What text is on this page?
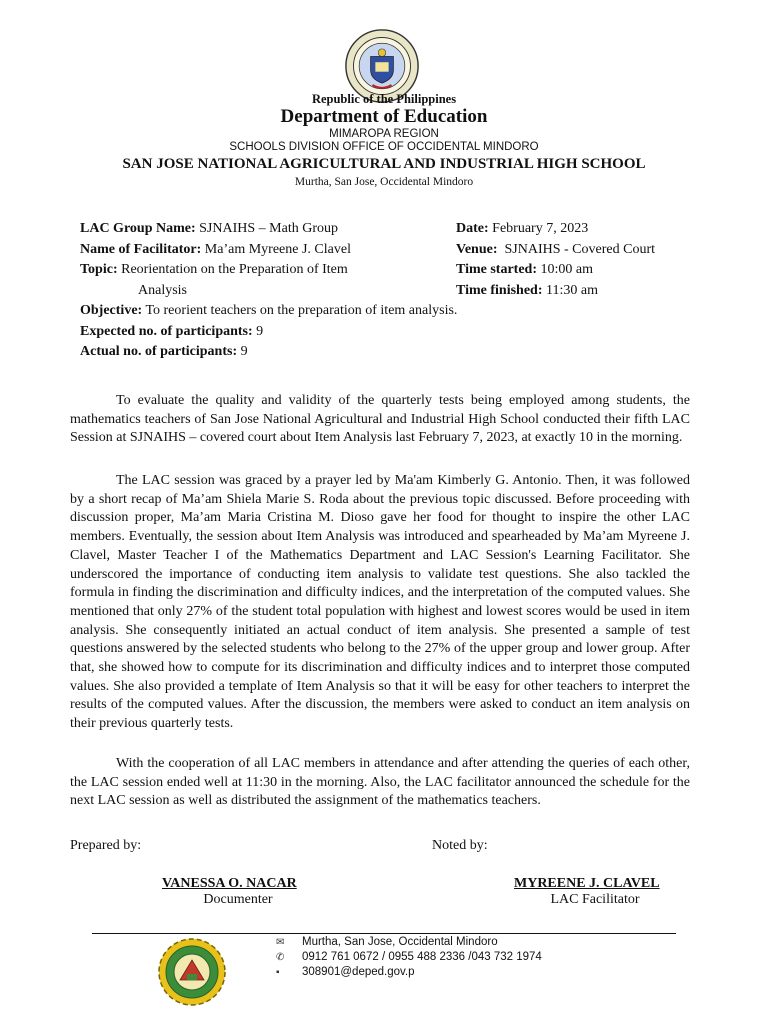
Republic of the Philippines
Department of Education
MIMAROPA REGION
SCHOOLS DIVISION OFFICE OF OCCIDENTAL MINDORO
SAN JOSE NATIONAL AGRICULTURAL AND INDUSTRIAL HIGH SCHOOL
Murtha, San Jose, Occidental Mindoro
LAC Group Name: SJNAIHS – Math Group
Name of Facilitator: Ma’am Myreene J. Clavel
Topic: Reorientation on the Preparation of Item
Analysis
Objective: To reorient teachers on the preparation of item analysis.
Expected no. of participants: 9
Actual no. of participants: 9
Date: February 7, 2023
Venue:  SJNAIHS - Covered Court
Time started: 10:00 am
Time finished: 11:30 am

To evaluate the quality and validity of the quarterly tests being employed among students, the mathematics teachers of San Jose National Agricultural and Industrial High School conducted their fifth LAC Session at SJNAIHS – covered court about Item Analysis last February 7, 2023, at exactly 10 in the morning.

The LAC session was graced by a prayer led by Ma'am Kimberly G. Antonio. Then, it was followed by a short recap of Ma’am Shiela Marie S. Roda about the previous topic discussed. Before proceeding with discussion proper, Ma’am Maria Cristina M. Dioso gave her food for thought to inspire the other LAC members. Eventually, the session about Item Analysis was introduced and spearheaded by Ma’am Myreene J. Clavel, Master Teacher I of the Mathematics Department and LAC Session's Learning Facilitator. She underscored the importance of conducting item analysis to validate test questions. She also tackled the formula in finding the discrimination and difficulty indices, and the interpretation of the computed values. She mentioned that only 27% of the student total population with highest and lowest scores would be used in item analysis. She consequently initiated an actual conduct of item analysis. She presented a sample of test questions answered by the selected students who belong to the 27% of the upper group and lower group. After that, she showed how to compute for its discrimination and difficulty indices and to interpret those computed values. She also provided a template of Item Analysis so that it will be easy for other teachers to interpret the results of the computed values. After the discussion, the members were asked to conduct an item analysis on their previous quarterly tests.

With the cooperation of all LAC members in attendance and after attending the queries of each other, the LAC session ended well at 11:30 in the morning. Also, the LAC facilitator announced the schedule for the next LAC session as well as distributed the assignment of the mathematics teachers.

Prepared by:	Noted by:
VANESSA O. NACAR
Documenter
MYREENE J. CLAVEL
LAC Facilitator
✉ Murtha, San Jose, Occidental Mindoro
✆ 0912 761 0672 / 0955 488 2336 /043 732 1974
▪ 308901@deped.gov.p
